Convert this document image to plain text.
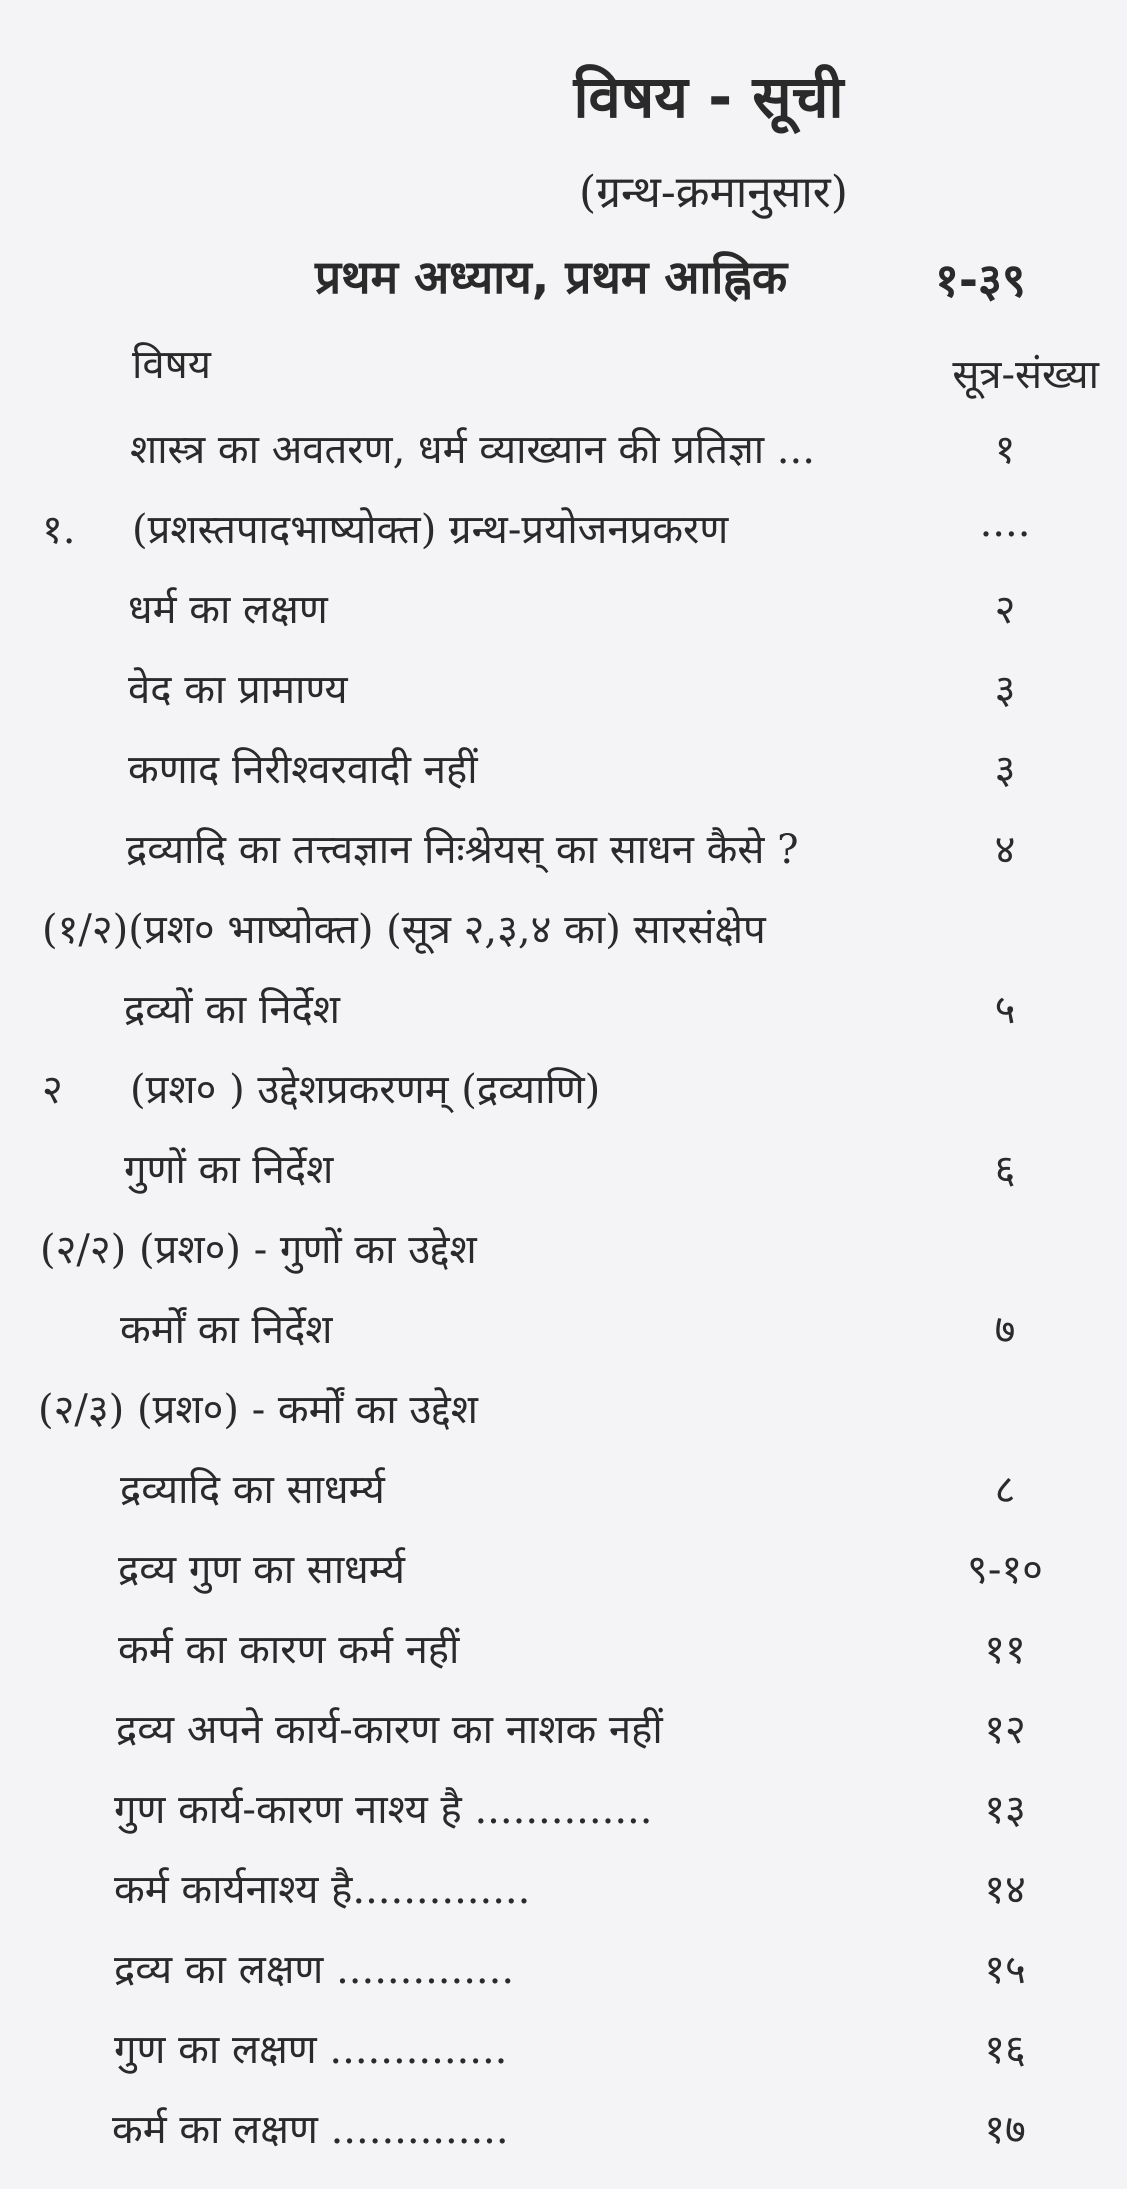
विषय - सूची
(ग्रन्थ-क्रमानुसार)
प्रथम अध्याय, प्रथम आह्निक	१-३९
विषय	सूत्र-संख्या
शास्त्र का अवतरण, धर्म व्याख्यान की प्रतिज्ञा ...	१
१. (प्रशस्तपादभाष्योक्त) ग्रन्थ-प्रयोजनप्रकरण	....
धर्म का लक्षण	२
वेद का प्रामाण्य	३
कणाद निरीश्वरवादी नहीं	३
द्रव्यादि का तत्त्वज्ञान निःश्रेयस् का साधन कैसे ?	४
(१/२)(प्रश० भाष्योक्त) (सूत्र २,३,४ का) सारसंक्षेप
द्रव्यों का निर्देश	५
२ (प्रश० ) उद्देशप्रकरणम् (द्रव्याणि)
गुणों का निर्देश	६
(२/२) (प्रश०) - गुणों का उद्देश
कर्मों का निर्देश	७
(२/३) (प्रश०) - कर्मों का उद्देश
द्रव्यादि का साधर्म्य	८
द्रव्य गुण का साधर्म्य	९-१०
कर्म का कारण कर्म नहीं	११
द्रव्य अपने कार्य-कारण का नाशक नहीं	१२
गुण कार्य-कारण नाश्य है ..............	१३
कर्म कार्यनाश्य है..............	१४
द्रव्य का लक्षण ..............	१५
गुण का लक्षण ..............	१६
कर्म का लक्षण ..............	१७
